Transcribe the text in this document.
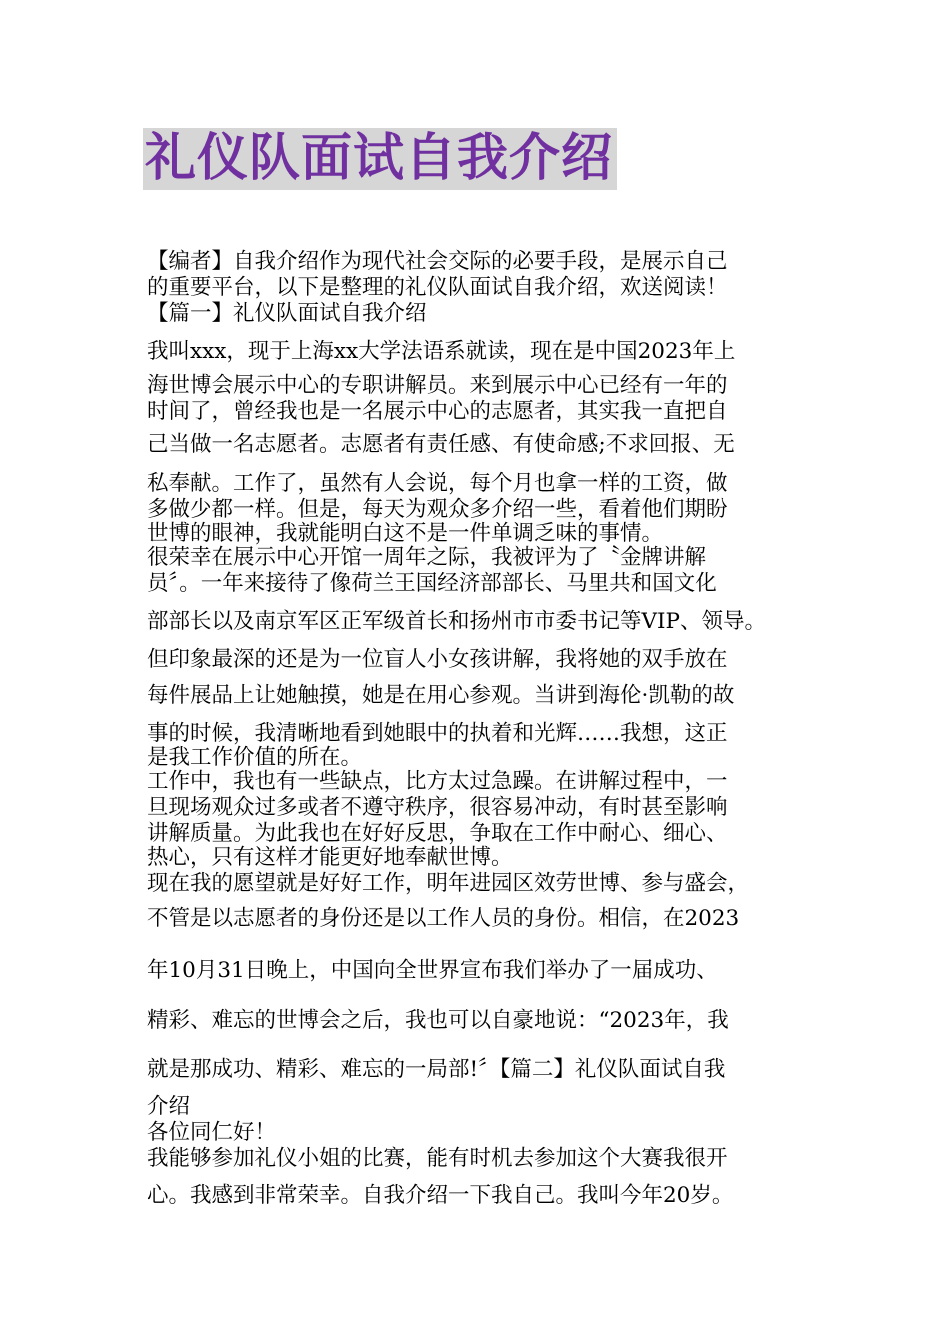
礼仪队面试自我介绍
【编者】自我介绍作为现代社会交际的必要手段，是展示自己
的重要平台，以下是整理的礼仪队面试自我介绍，欢送阅读！
【篇一】礼仪队面试自我介绍
我叫xxx，现于上海xx大学法语系就读，现在是中国2023年上
海世博会展示中心的专职讲解员。来到展示中心已经有一年的
时间了，曾经我也是一名展示中心的志愿者，其实我一直把自
己当做一名志愿者。志愿者有责任感、有使命感;不求回报、无
私奉献。工作了，虽然有人会说，每个月也拿一样的工资，做
多做少都一样。但是，每天为观众多介绍一些，看着他们期盼
世博的眼神，我就能明白这不是一件单调乏味的事情。
很荣幸在展示中心开馆一周年之际，我被评为了〝金牌讲解
员〞。一年来接待了像荷兰王国经济部部长、马里共和国文化
部部长以及南京军区正军级首长和扬州市市委书记等VIP、领导。
但印象最深的还是为一位盲人小女孩讲解，我将她的双手放在
每件展品上让她触摸，她是在用心参观。当讲到海伦·凯勒的故
事的时候，我清晰地看到她眼中的执着和光辉……我想，这正
是我工作价值的所在。
工作中，我也有一些缺点，比方太过急躁。在讲解过程中，一
旦现场观众过多或者不遵守秩序，很容易冲动，有时甚至影响
讲解质量。为此我也在好好反思，争取在工作中耐心、细心、
热心，只有这样才能更好地奉献世博。
现在我的愿望就是好好工作，明年进园区效劳世博、参与盛会，
不管是以志愿者的身份还是以工作人员的身份。相信，在2023
年10月31日晚上，中国向全世界宣布我们举办了一届成功、
精彩、难忘的世博会之后，我也可以自豪地说：“2023年，我
就是那成功、精彩、难忘的一局部!〞【篇二】礼仪队面试自我
介绍
各位同仁好！
我能够参加礼仪小姐的比赛，能有时机去参加这个大赛我很开
心。我感到非常荣幸。自我介绍一下我自己。我叫今年20岁。
